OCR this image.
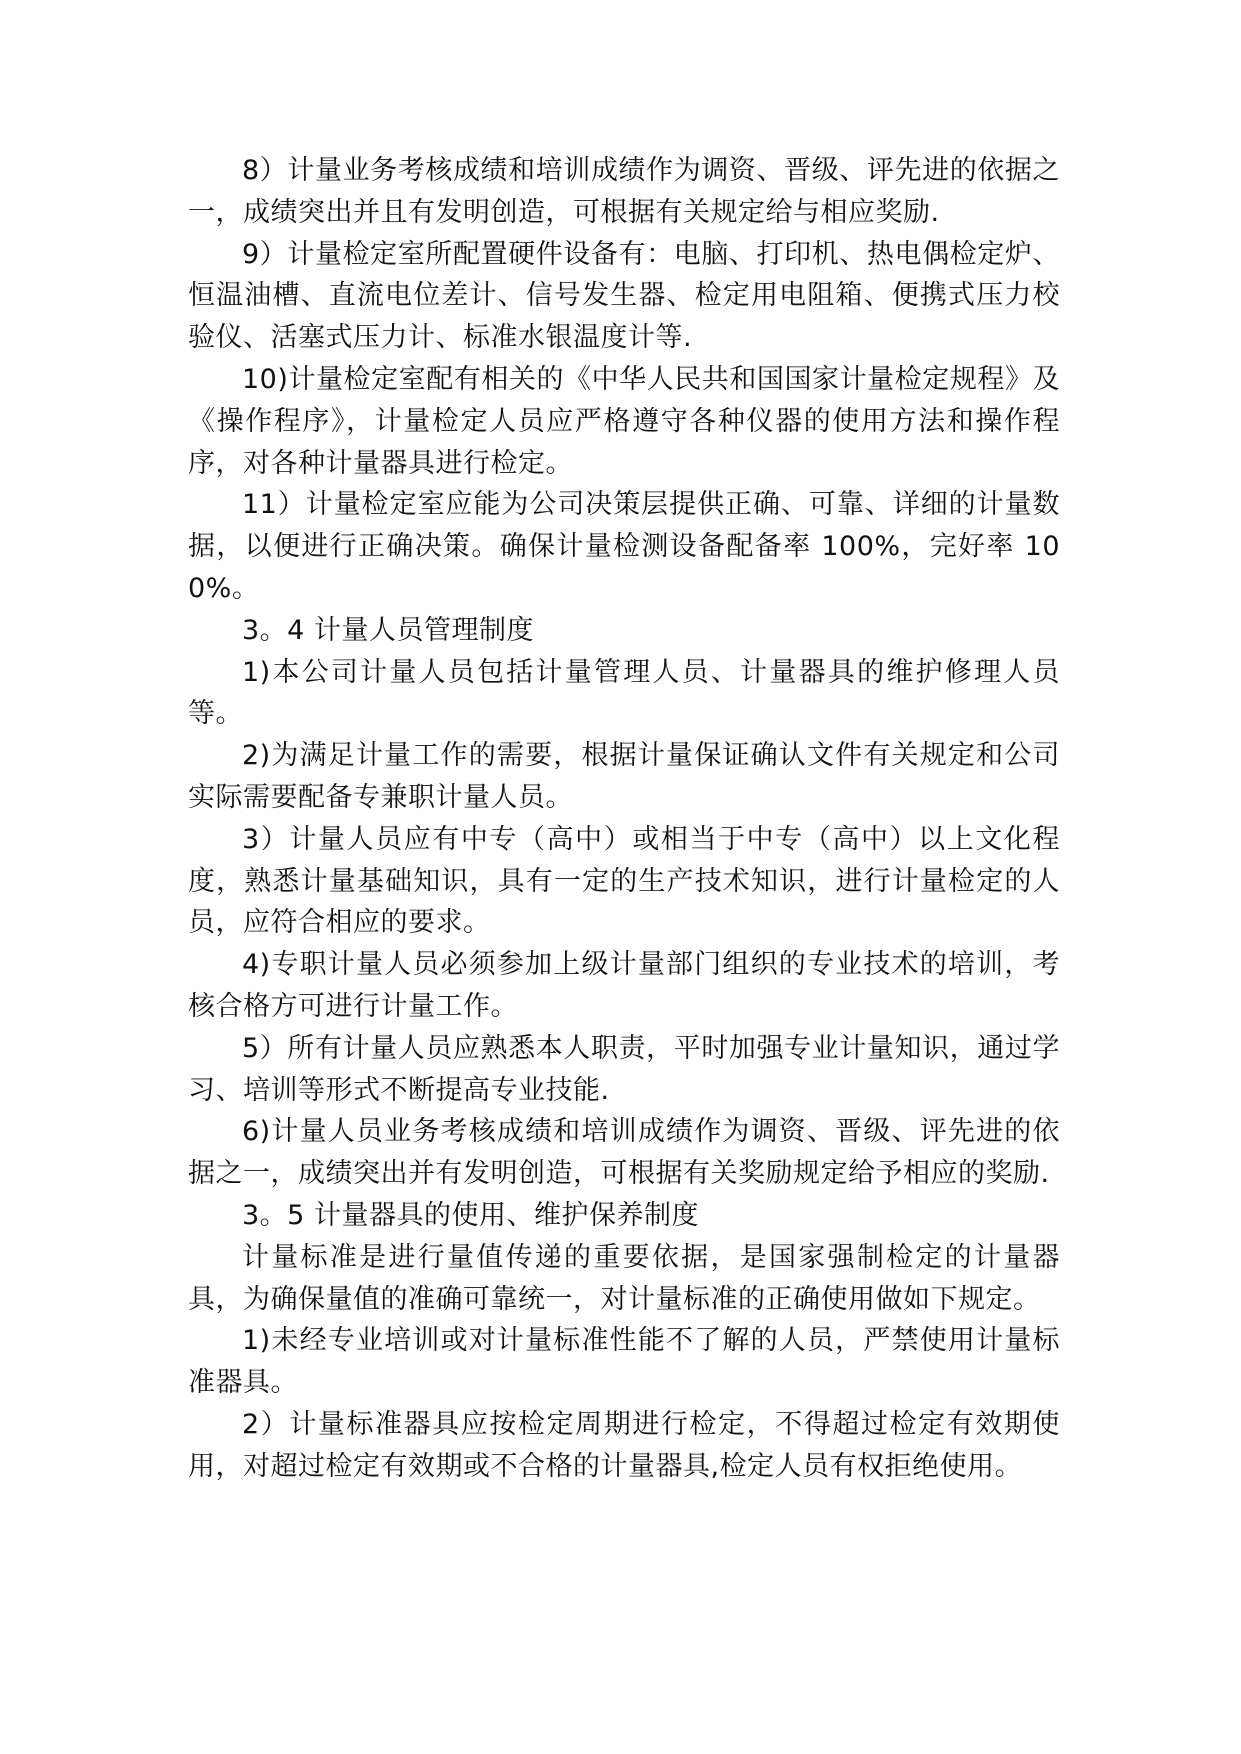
8）计量业务考核成绩和培训成绩作为调资、晋级、评先进的依据之一，成绩突出并且有发明创造，可根据有关规定给与相应奖励.

9）计量检定室所配置硬件设备有：电脑、打印机、热电偶检定炉、恒温油槽、直流电位差计、信号发生器、检定用电阻箱、便携式压力校验仪、活塞式压力计、标准水银温度计等.

10)计量检定室配有相关的《中华人民共和国国家计量检定规程》及《操作程序》，计量检定人员应严格遵守各种仪器的使用方法和操作程序，对各种计量器具进行检定。

11）计量检定室应能为公司决策层提供正确、可靠、详细的计量数据，以便进行正确决策。确保计量检测设备配备率 100%，完好率 100%。

3。4 计量人员管理制度

1)本公司计量人员包括计量管理人员、计量器具的维护修理人员等。

2)为满足计量工作的需要，根据计量保证确认文件有关规定和公司实际需要配备专兼职计量人员。

3）计量人员应有中专（高中）或相当于中专（高中）以上文化程度，熟悉计量基础知识，具有一定的生产技术知识，进行计量检定的人员，应符合相应的要求。

4)专职计量人员必须参加上级计量部门组织的专业技术的培训，考核合格方可进行计量工作。

5）所有计量人员应熟悉本人职责，平时加强专业计量知识，通过学习、培训等形式不断提高专业技能.

6)计量人员业务考核成绩和培训成绩作为调资、晋级、评先进的依据之一，成绩突出并有发明创造，可根据有关奖励规定给予相应的奖励.

3。5 计量器具的使用、维护保养制度

计量标准是进行量值传递的重要依据，是国家强制检定的计量器具，为确保量值的准确可靠统一，对计量标准的正确使用做如下规定。

1)未经专业培训或对计量标准性能不了解的人员，严禁使用计量标准器具。

2）计量标准器具应按检定周期进行检定，不得超过检定有效期使用，对超过检定有效期或不合格的计量器具,检定人员有权拒绝使用。
